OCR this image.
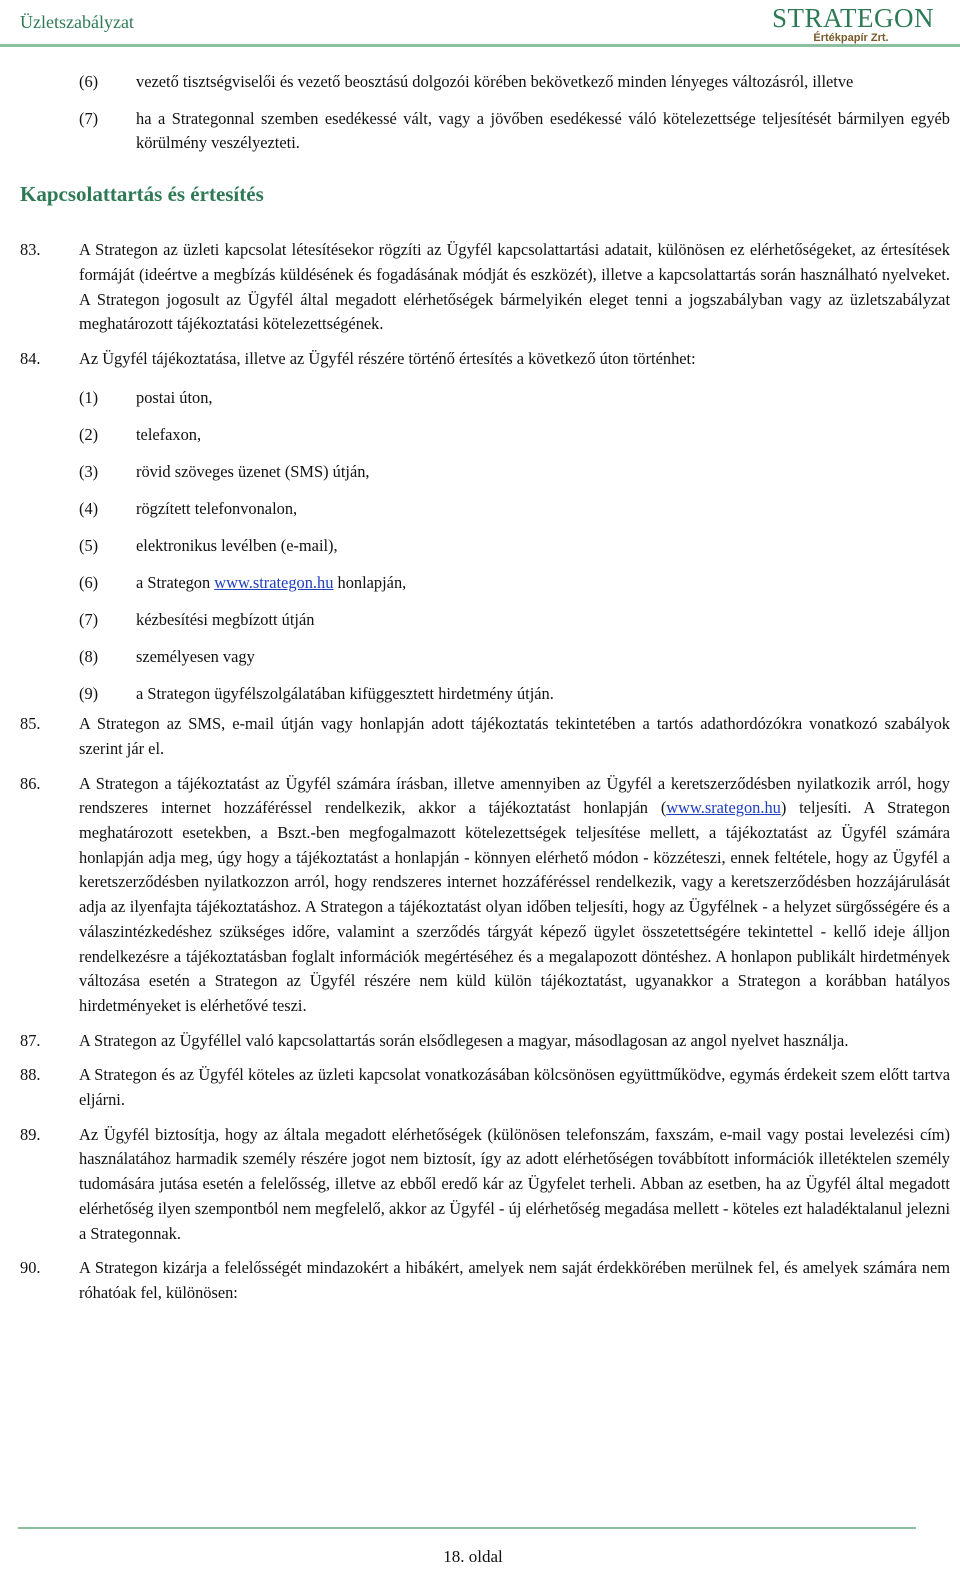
Üzletszabályzat	STRATEGON
Értékpapír Zrt.
(6) vezető tisztségviselői és vezető beosztású dolgozói körében bekövetkező minden lényeges változásról, illetve
(7) ha a Strategonnal szemben esedékessé vált, vagy a jövőben esedékessé váló kötelezettsége teljesítését bármilyen egyéb körülmény veszélyezteti.
Kapcsolattartás és értesítés
83. A Strategon az üzleti kapcsolat létesítésekor rögzíti az Ügyfél kapcsolattartási adatait, különösen ez elérhetőségeket, az értesítések formáját (ideértve a megbízás küldésének és fogadásának módját és eszközét), illetve a kapcsolattartás során használható nyelveket. A Strategon jogosult az Ügyfél által megadott elérhetőségek bármelyikén eleget tenni a jogszabályban vagy az üzletszabályzat meghatározott tájékoztatási kötelezettségének.
84. Az Ügyfél tájékoztatása, illetve az Ügyfél részére történő értesítés a következő úton történhet:
(1) postai úton,
(2) telefaxon,
(3) rövid szöveges üzenet (SMS) útján,
(4) rögzített telefonvonalon,
(5) elektronikus levélben (e-mail),
(6) a Strategon www.strategon.hu honlapján,
(7) kézbesítési megbízott útján
(8) személyesen vagy
(9) a Strategon ügyfélszolgálatában kifüggesztett hirdetmény útján.
85. A Strategon az SMS, e-mail útján vagy honlapján adott tájékoztatás tekintetében a tartós adathordózókra vonatkozó szabályok szerint jár el.
86. A Strategon a tájékoztatást az Ügyfél számára írásban, illetve amennyiben az Ügyfél a keretszerződésben nyilatkozik arról, hogy rendszeres internet hozzáféréssel rendelkezik, akkor a tájékoztatást honlapján (www.srategon.hu) teljesíti. A Strategon meghatározott esetekben, a Bszt.-ben megfogalmazott kötelezettségek teljesítése mellett, a tájékoztatást az Ügyfél számára honlapján adja meg, úgy hogy a tájékoztatást a honlapján - könnyen elérhető módon - közzéteszi, ennek feltétele, hogy az Ügyfél a keretszerződésben nyilatkozzon arról, hogy rendszeres internet hozzáféréssel rendelkezik, vagy a keretszerződésben hozzájárulását adja az ilyenfajta tájékoztatáshoz. A Strategon a tájékoztatást olyan időben teljesíti, hogy az Ügyfélnek - a helyzet sürgősségére és a válaszintézkedéshez szükséges időre, valamint a szerződés tárgyát képező ügylet összetettségére tekintettel - kellő ideje álljon rendelkezésre a tájékoztatásban foglalt információk megértéséhez és a megalapozott döntéshez. A honlapon publikált hirdetmények változása esetén a Strategon az Ügyfél részére nem küld külön tájékoztatást, ugyanakkor a Strategon a korábban hatályos hirdetményeket is elérhetővé teszi.
87. A Strategon az Ügyféllel való kapcsolattartás során elsődlegesen a magyar, másodlagosan az angol nyelvet használja.
88. A Strategon és az Ügyfél köteles az üzleti kapcsolat vonatkozásában kölcsönösen együttműködve, egymás érdekeit szem előtt tartva eljárni.
89. Az Ügyfél biztosítja, hogy az általa megadott elérhetőségek (különösen telefonszám, faxszám, e-mail vagy postai levelezési cím) használatához harmadik személy részére jogot nem biztosít, így az adott elérhetőségen továbbított információk illetéktelen személy tudomására jutása esetén a felelősség, illetve az ebből eredő kár az Ügyfelet terheli. Abban az esetben, ha az Ügyfél által megadott elérhetőség ilyen szempontból nem megfelelő, akkor az Ügyfél - új elérhetőség megadása mellett - köteles ezt haladéktalanul jelezni a Strategonnak.
90. A Strategon kizárja a felelősségét mindazokért a hibákért, amelyek nem saját érdekkörében merülnek fel, és amelyek számára nem róhatóak fel, különösen:
18. oldal
